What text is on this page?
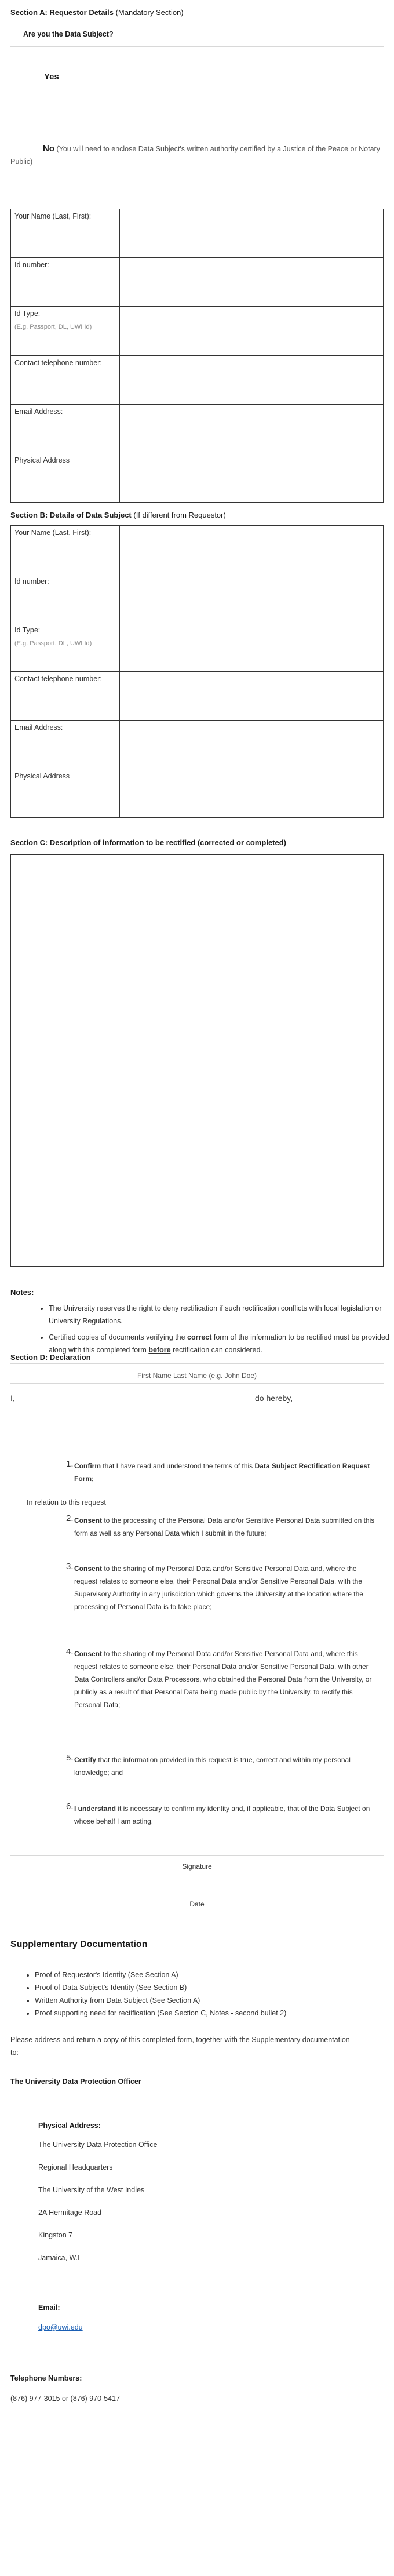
Section A: Requestor Details (Mandatory Section)
Are you the Data Subject?
Yes
No (You will need to enclose Data Subject's written authority certified by a Justice of the Peace or Notary Public)
Your Name (Last, First):	
Id number:	
Id Type:
(E.g. Passport, DL, UWI Id)	

Contact telephone number:	
Email Address:	
Physical Address	
Section B: Details of Data Subject (If different from Requestor)
Your Name (Last, First):	
Id number:	
Id Type:
(E.g. Passport, DL, UWI Id)	

Contact telephone number:	
Email Address:	
Physical Address	
Section C: Description of information to be rectified (corrected or completed)
Notes:
• The University reserves the right to deny rectification if such rectification conflicts with local legislation or University Regulations.
• Certified copies of documents verifying the correct form of the information to be rectified must be provided along with this completed form before rectification can considered.
Section D: Declaration
First Name Last Name (e.g. John Doe)
I,	do hereby,
1. Confirm that I have read and understood the terms of this Data Subject Rectification Request Form;
In relation to this request
2. Consent to the processing of the Personal Data and/or Sensitive Personal Data submitted on this form as well as any Personal Data which I submit in the future;
3. Consent to the sharing of my Personal Data and/or Sensitive Personal Data and, where the request relates to someone else, their Personal Data and/or Sensitive Personal Data, with the Supervisory Authority in any jurisdiction which governs the University at the location where the processing of Personal Data is to take place;
4. Consent to the sharing of my Personal Data and/or Sensitive Personal Data and, where this request relates to someone else, their Personal Data and/or Sensitive Personal Data, with other Data Controllers and/or Data Processors, who obtained the Personal Data from the University, or publicly as a result of that Personal Data being made public by the University, to rectify this Personal Data;
5. Certify that the information provided in this request is true, correct and within my personal knowledge; and
6. I understand it is necessary to confirm my identity and, if applicable, that of the Data Subject on whose behalf I am acting.
Signature
Date
Supplementary Documentation
• Proof of Requestor's Identity (See Section A)
• Proof of Data Subject's Identity (See Section B)
• Written Authority from Data Subject (See Section A)
• Proof supporting need for rectification (See Section C, Notes - second bullet 2)
Please address and return a copy of this completed form, together with the Supplementary documentation to:
The University Data Protection Officer
Physical Address:
The University Data Protection Office
Regional Headquarters
The University of the West Indies
2A Hermitage Road
Kingston 7
Jamaica, W.I
Email:
dpo@uwi.edu
Telephone Numbers:
(876) 977-3015 or (876) 970-5417
